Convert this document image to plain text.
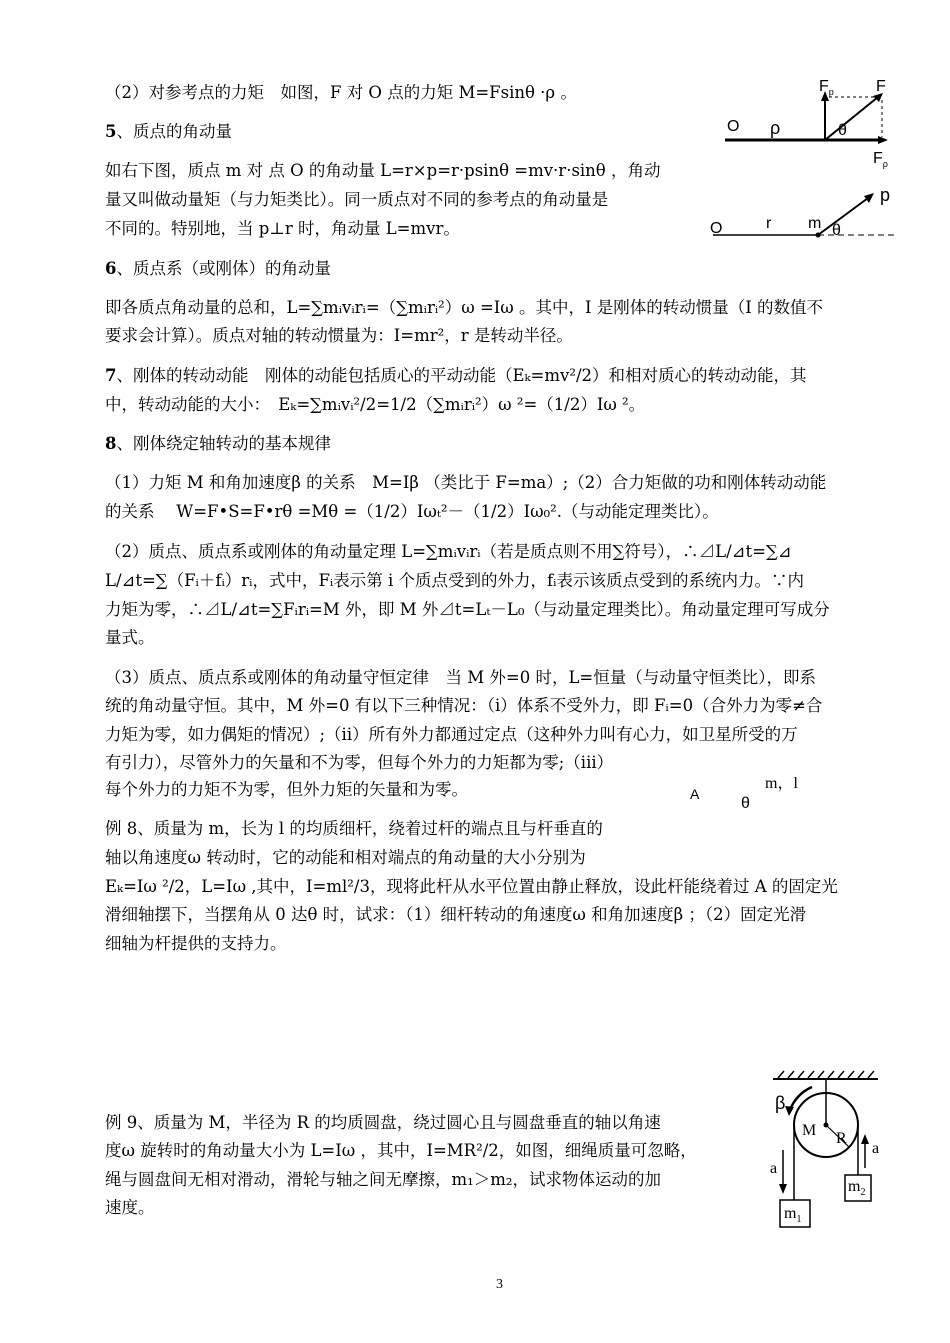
（2）对参考点的力矩　如图，F 对 O 点的力矩 M=Fsinθ ·ρ 。
5、质点的角动量
如右下图，质点 m 对 点 O 的角动量 L=r×p=r·psinθ =mv·r·sinθ ，角动
量又叫做动量矩（与力矩类比）。同一质点对不同的参考点的角动量是
不同的。特别地，当 p⊥r 时，角动量 L=mvr。
6、质点系（或刚体）的角动量
即各质点角动量的总和，L=∑mᵢvᵢrᵢ=（∑mᵢrᵢ²）ω =Iω 。其中，I 是刚体的转动惯量（I 的数值不
要求会计算）。质点对轴的转动惯量为：I=mr²，r 是转动半径。
7、刚体的转动动能　刚体的动能包括质心的平动动能（Eₖ=mv²/2）和相对质心的转动动能，其
中，转动动能的大小：　Eₖ=∑mᵢvᵢ²/2=1/2（∑mᵢrᵢ²）ω ²=（1/2）Iω ²。
8、刚体绕定轴转动的基本规律
（1）力矩 M 和角加速度β 的关系　M=Iβ （类比于 F=ma）;（2）合力矩做的功和刚体转动动能
的关系　 W=F•S=F•rθ =Mθ =（1/2）Iωₜ²－（1/2）Iω₀².（与动能定理类比）。
（2）质点、质点系或刚体的角动量定理 L=∑mᵢvᵢrᵢ（若是质点则不用∑符号），∴⊿L/⊿t=∑⊿
L/⊿t=∑（Fᵢ＋fᵢ）rᵢ，式中，Fᵢ表示第 i 个质点受到的外力，fᵢ表示该质点受到的系统内力。∵内
力矩为零，∴⊿L/⊿t=∑Fᵢrᵢ=M 外，即 M 外⊿t=Lₜ－L₀（与动量定理类比）。角动量定理可写成分
量式。
（3）质点、质点系或刚体的角动量守恒定律　当 M 外=0 时，L=恒量（与动量守恒类比），即系
统的角动量守恒。其中，M 外=0 有以下三种情况：（i）体系不受外力，即 Fᵢ=0（合外力为零≠合
力矩为零，如力偶矩的情况）;（ii）所有外力都通过定点（这种外力叫有心力，如卫星所受的万
有引力），尽管外力的矢量和不为零，但每个外力的力矩都为零;（iii）
每个外力的力矩不为零，但外力矩的矢量和为零。
例 8、质量为 m，长为 l 的均质细杆，绕着过杆的端点且与杆垂直的
轴以角速度ω 转动时，它的动能和相对端点的角动量的大小分别为
Eₖ=Iω ²/2，L=Iω ,其中，I=ml²/3，现将此杆从水平位置由静止释放，设此杆能绕着过 A 的固定光
滑细轴摆下，当摆角从 0 达θ 时，试求：（1）细杆转动的角速度ω 和角加速度β ；（2）固定光滑
细轴为杆提供的支持力。
例 9、质量为 M，半径为 R 的均质圆盘，绕过圆心且与圆盘垂直的轴以角速
度ω 旋转时的角动量大小为 L=Iω ，其中，I=MR²/2，如图，细绳质量可忽略，
绳与圆盘间无相对滑动，滑轮与轴之间无摩擦，m₁＞m₂，试求物体运动的加
速度。
$F_p$	F
O ρ	θ
$F_\rho$
p
O	r m θ
A
θ
m，l
β
M R
a
a
$m_1$
$m_2$
3
